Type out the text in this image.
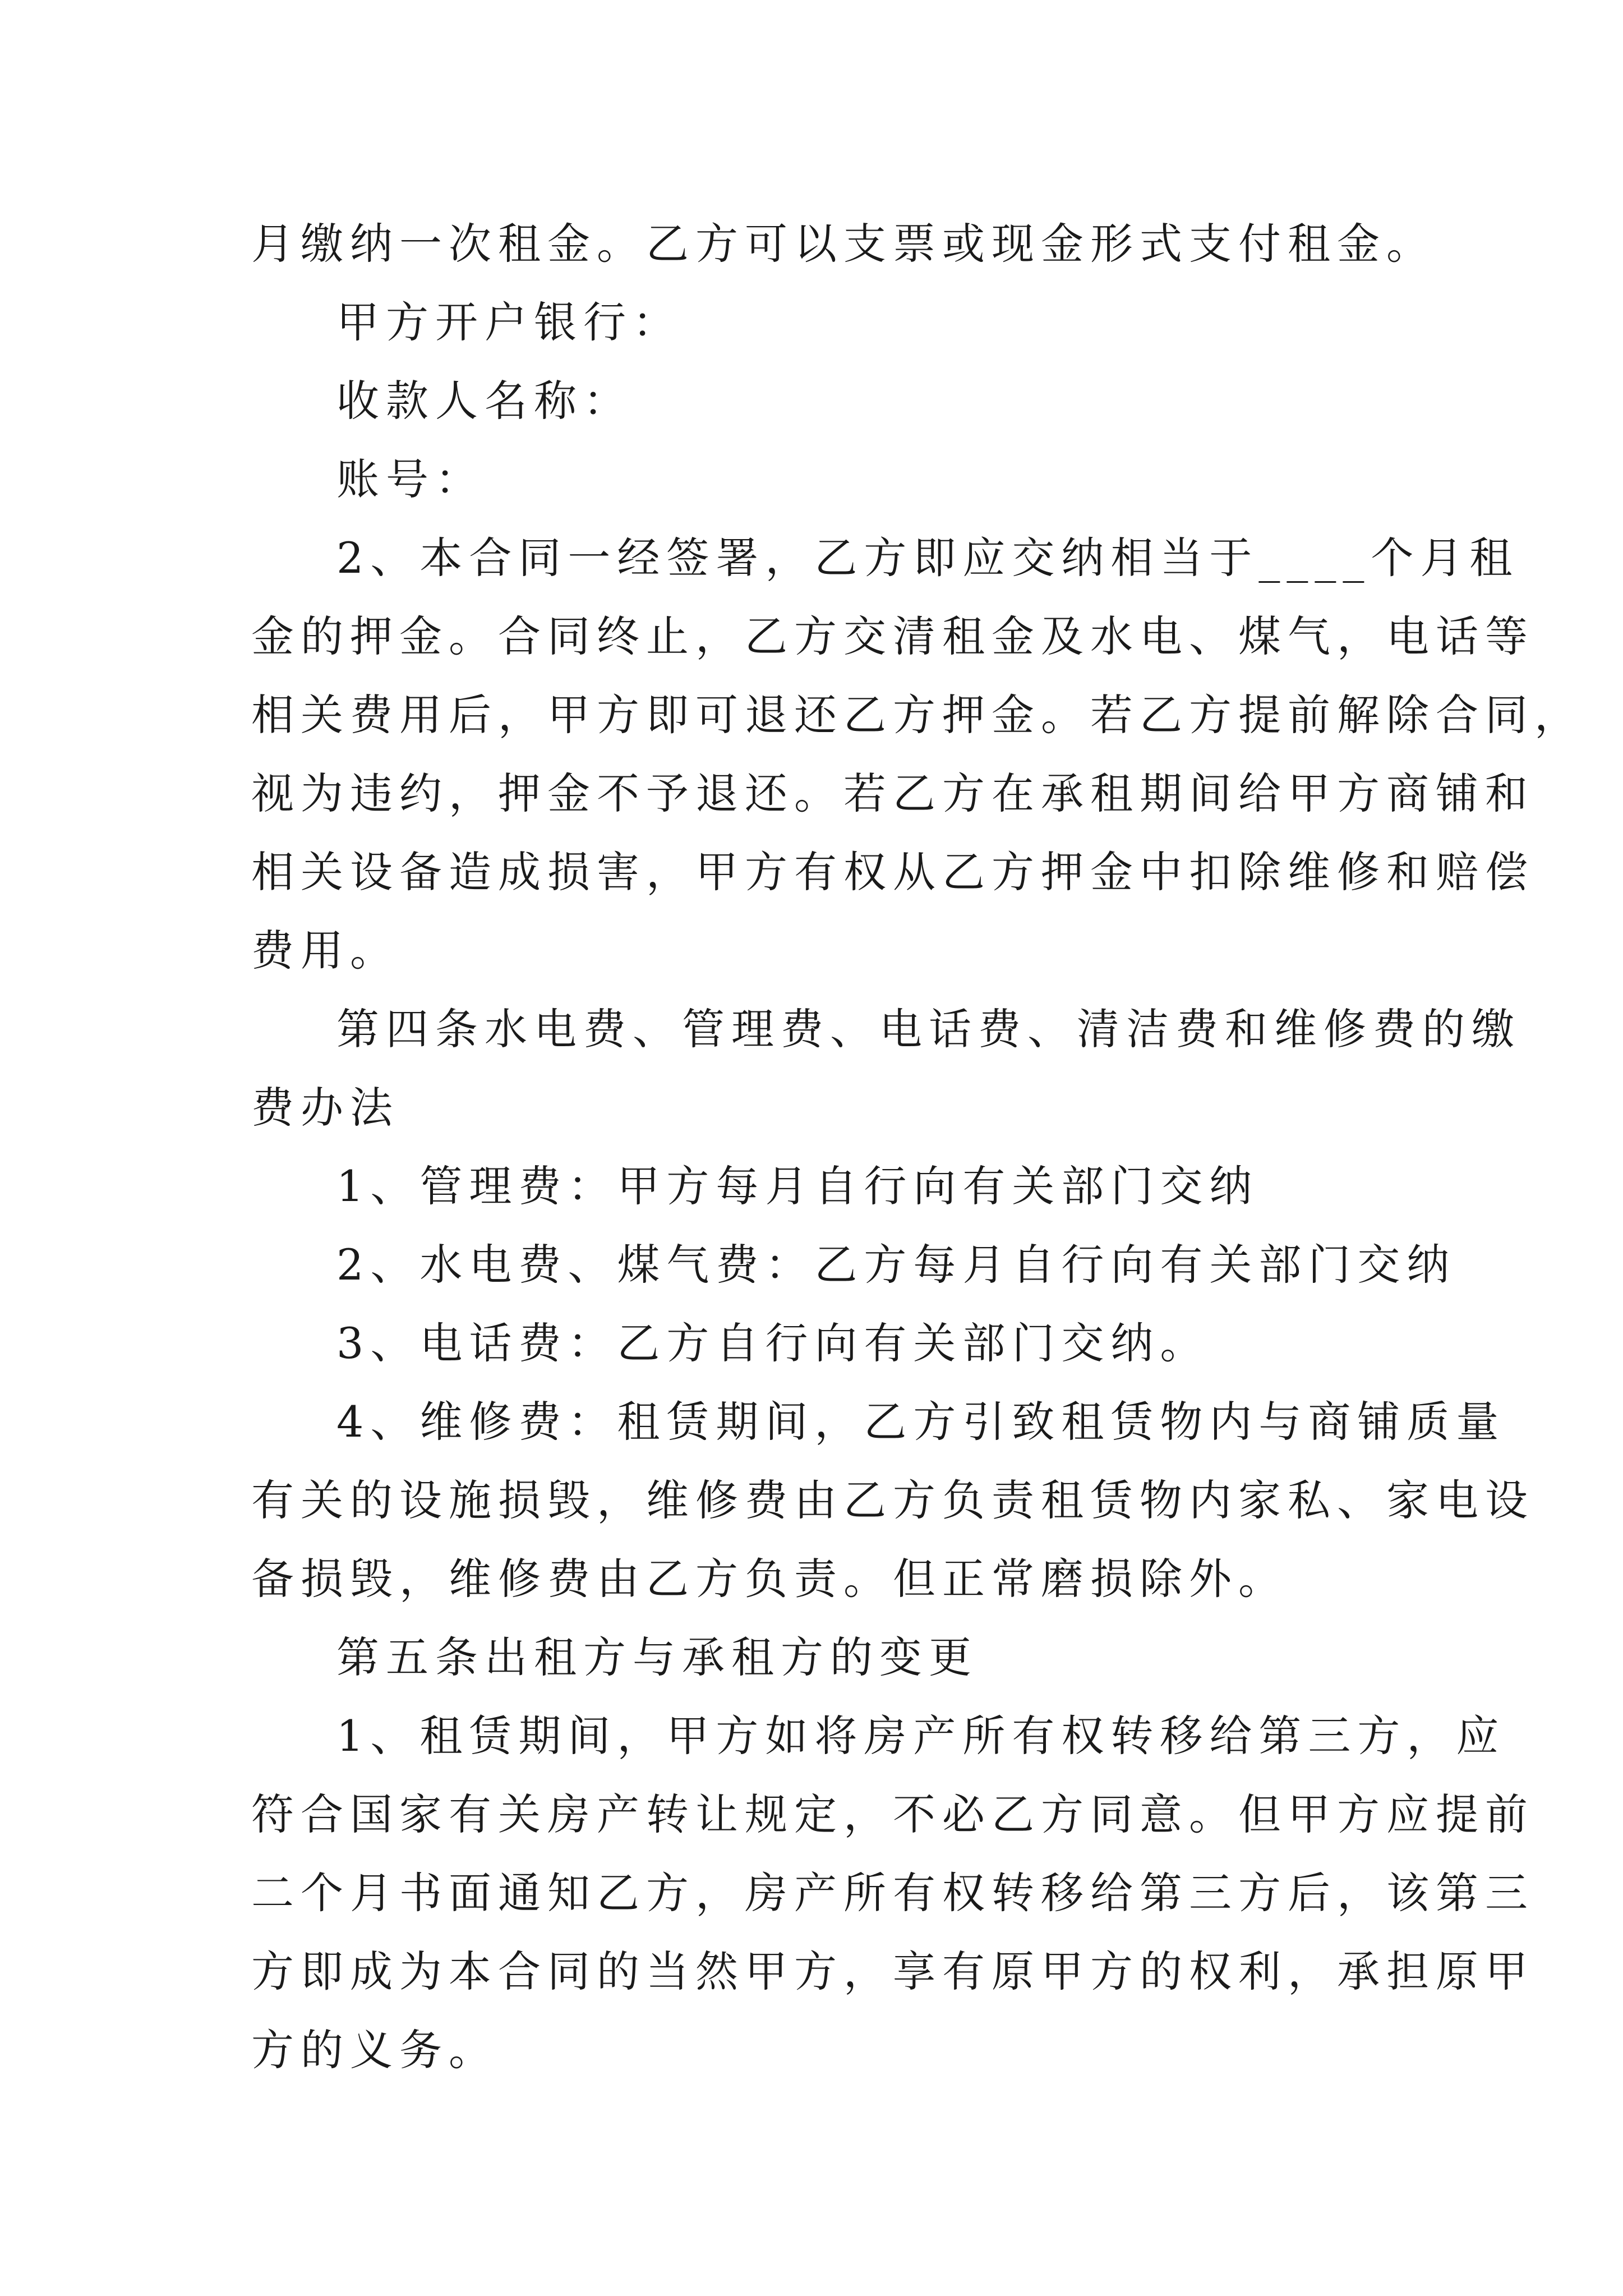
月缴纳一次租金。乙方可以支票或现金形式支付租金。
甲方开户银行：
收款人名称：
账号：
2、本合同一经签署，乙方即应交纳相当于____个月租
金的押金。合同终止，乙方交清租金及水电、煤气，电话等
相关费用后，甲方即可退还乙方押金。若乙方提前解除合同，
视为违约，押金不予退还。若乙方在承租期间给甲方商铺和
相关设备造成损害，甲方有权从乙方押金中扣除维修和赔偿
费用。
第四条水电费、管理费、电话费、清洁费和维修费的缴
费办法
1、管理费：甲方每月自行向有关部门交纳
2、水电费、煤气费：乙方每月自行向有关部门交纳
3、电话费：乙方自行向有关部门交纳。
4、维修费：租赁期间，乙方引致租赁物内与商铺质量
有关的设施损毁，维修费由乙方负责租赁物内家私、家电设
备损毁，维修费由乙方负责。但正常磨损除外。
第五条出租方与承租方的变更
1、租赁期间，甲方如将房产所有权转移给第三方，应
符合国家有关房产转让规定，不必乙方同意。但甲方应提前
二个月书面通知乙方，房产所有权转移给第三方后，该第三
方即成为本合同的当然甲方，享有原甲方的权利，承担原甲
方的义务。
